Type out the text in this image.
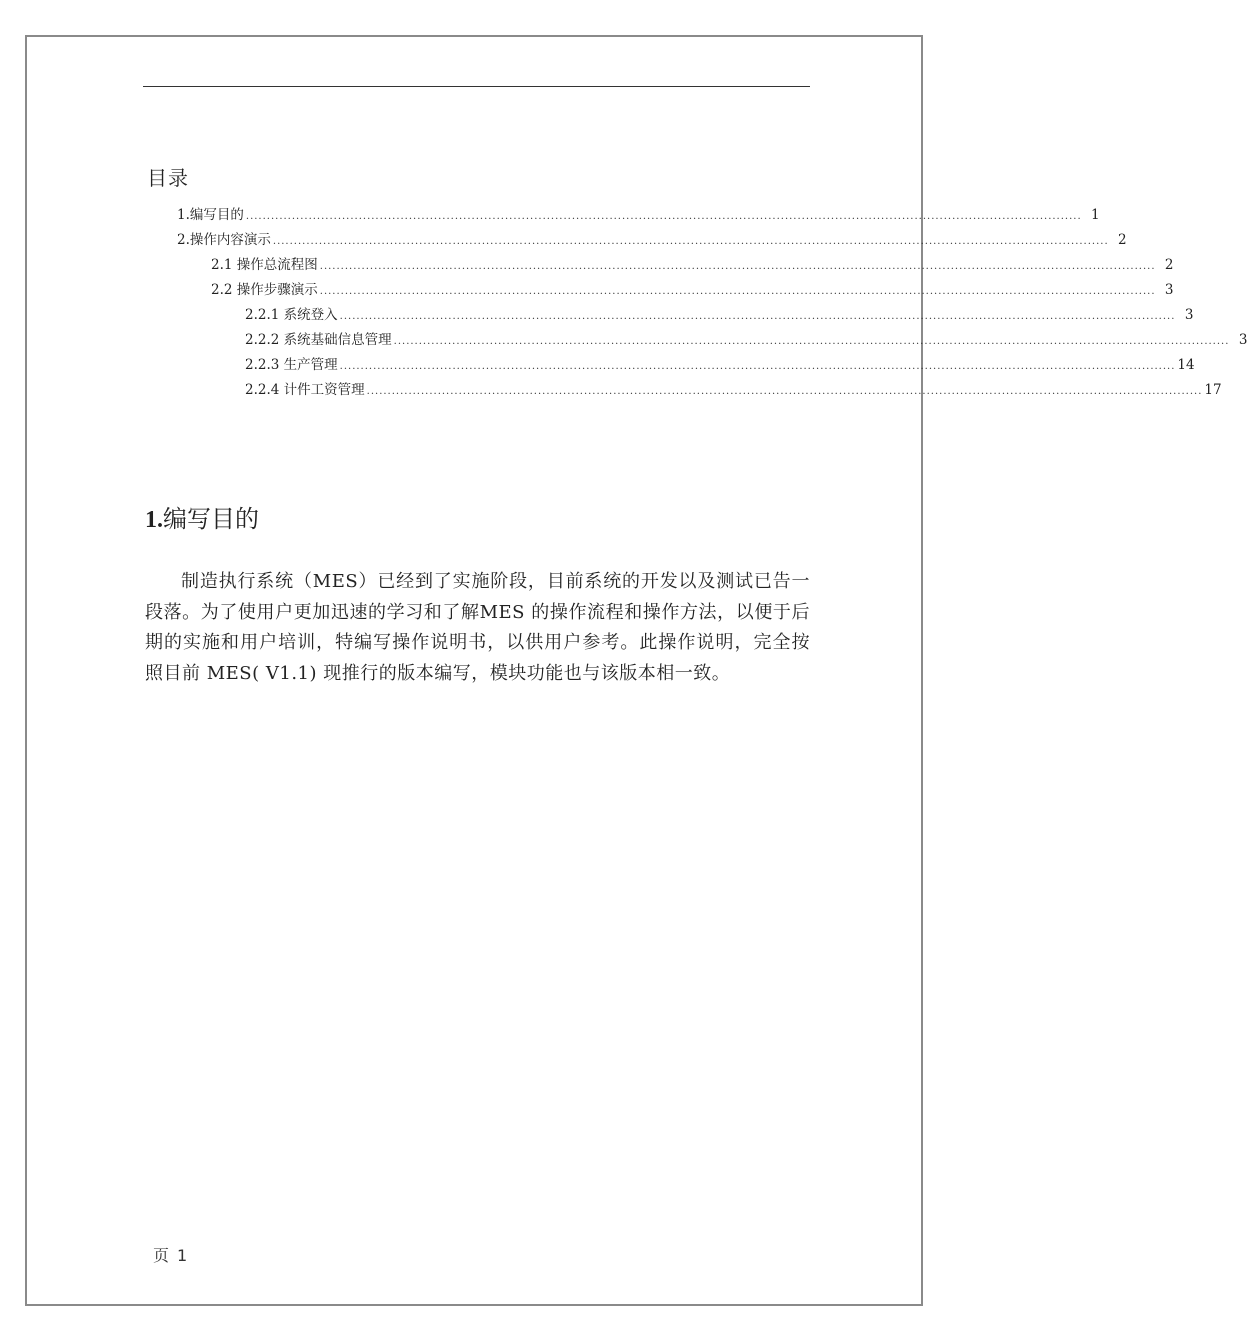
目录
1.编写目的 ........................................................................................................................................................................................................ 1
2.操作内容演示 ........................................................................................................................................................................................................ 2
2.1 操作总流程图 ........................................................................................................................................................................................................ 2
2.2 操作步骤演示 ........................................................................................................................................................................................................ 3
2.2.1 系统登入 ........................................................................................................................................................................................................ 3
2.2.2 系统基础信息管理 ........................................................................................................................................................................................................ 3
2.2.3 生产管理 ........................................................................................................................................................................................................ 14
2.2.4 计件工资管理 ........................................................................................................................................................................................................ 17
1.编写目的

制造执行系统（MES）已经到了实施阶段，目前系统的开发以及测试已告一段落。为了使用户更加迅速的学习和了解MES 的操作流程和操作方法，以便于后期的实施和用户培训，特编写操作说明书，以供用户参考。此操作说明，完全按照目前 MES( V1.1) 现推行的版本编写，模块功能也与该版本相一致。

页 1
